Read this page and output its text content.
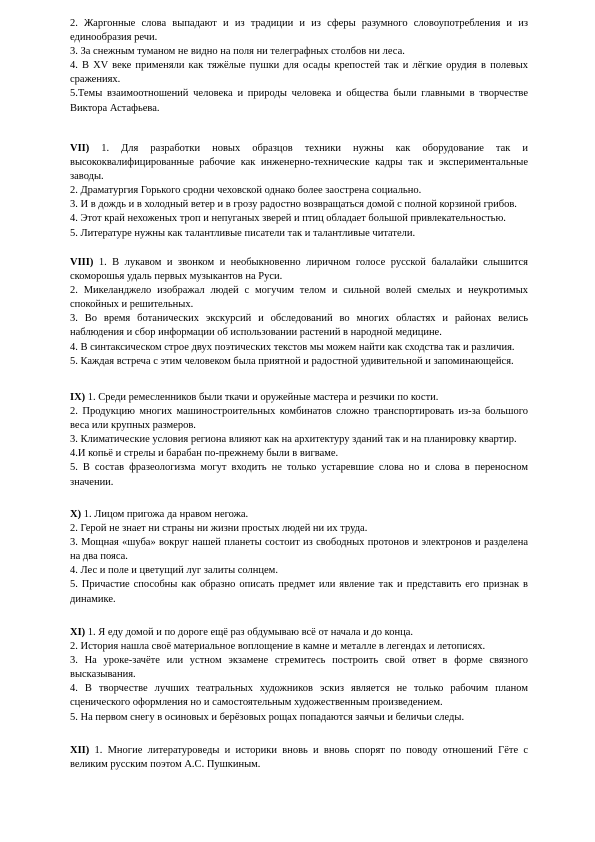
2. Жаргонные слова выпадают и из традиции и из сферы разумного словоупотребления и из единообразия речи.

3. За снежным туманом не видно на поля ни телеграфных столбов ни леса.

4. В XV веке применяли как тяжёлые пушки для осады крепостей так и лёгкие орудия в полевых сражениях.

5.Темы взаимоотношений человека и природы человека и общества были главными в творчестве Виктора Астафьева.

VII) 1. Для разработки новых образцов техники нужны как оборудование так и высококвалифицированные рабочие как инженерно-технические кадры так и экспериментальные заводы.

2. Драматургия Горького сродни чеховской однако более заострена социально.

3. И в дождь и в холодный ветер и в грозу радостно возвращаться домой с полной корзиной грибов.

4. Этот край нехоженых троп и непуганых зверей и птиц обладает большой привлекательностью.

5. Литературе нужны как талантливые писатели так и талантливые читатели.

VIII) 1. В лукавом и звонком и необыкновенно лиричном голосе русской балалайки слышится скоморошья удаль первых музыкантов на Руси.

2. Микеланджело изображал людей с могучим телом и сильной волей смелых и неукротимых спокойных и решительных.

3. Во время ботанических экскурсий и обследований во многих областях и районах велись наблюдения и сбор информации об использовании растений в народной медицине.

4. В синтаксическом строе двух поэтических текстов мы можем найти как сходства так и различия.

5. Каждая встреча с этим человеком была приятной и радостной удивительной и запоминающейся.

IX) 1. Среди ремесленников были ткачи и оружейные мастера и резчики по кости.

2. Продукцию многих машиностроительных комбинатов сложно транспортировать из-за большого веса или крупных размеров.

3. Климатические условия региона влияют как на архитектуру зданий так и на планировку квартир.

4.И копьё и стрелы и барабан по-прежнему были в вигваме.

5. В состав фразеологизма могут входить не только устаревшие слова но и слова в переносном значении.

X) 1. Лицом пригожа да нравом негожа.

2. Герой не знает ни страны ни жизни простых людей ни их труда.

3. Мощная «шуба» вокруг нашей планеты состоит из свободных протонов и электронов и разделена на два пояса.

4. Лес и поле и цветущий луг залиты солнцем.

5. Причастие способны как образно описать предмет или явление так и представить его признак в динамике.

XI) 1. Я еду домой и по дороге ещё раз обдумываю всё от начала и до конца.

2. История нашла своё материальное воплощение в камне и металле в легендах и летописях.

3. На уроке-зачёте или устном экзамене стремитесь построить свой ответ в форме связного высказывания.

4. В творчестве лучших театральных художников эскиз является не только рабочим планом сценического оформления но и самостоятельным художественным произведением.

5. На первом снегу в осиновых и берёзовых рощах попадаются заячьи и беличьи следы.

XII) 1. Многие литературоведы и историки вновь и вновь спорят по поводу отношений Гёте с великим русским поэтом А.С. Пушкиным.
